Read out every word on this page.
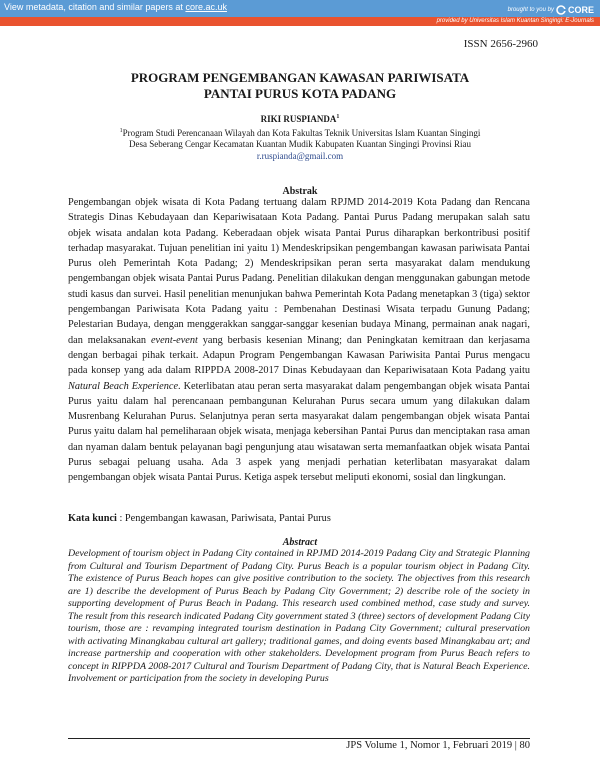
View metadata, citation and similar papers at core.ac.uk	brought to you by CORE
provided by Universitas Islam Kuantan Singingi: E-Journals
ISSN 2656-2960
PROGRAM PENGEMBANGAN KAWASAN PARIWISATA
PANTAI PURUS KOTA PADANG
RIKI RUSPIANDA$^1$
$^1$Program Studi Perencanaan Wilayah dan Kota Fakultas Teknik Universitas Islam Kuantan Singingi
Desa Seberang Cengar Kecamatan Kuantan Mudik Kabupaten Kuantan Singingi Provinsi Riau
r.ruspianda@gmail.com
Abstrak
Pengembangan objek wisata di Kota Padang tertuang dalam RPJMD 2014-2019 Kota Padang dan Rencana Strategis Dinas Kebudayaan dan Kepariwisataan Kota Padang. Pantai Purus Padang merupakan salah satu objek wisata andalan kota Padang. Keberadaan objek wisata Pantai Purus diharapkan berkontribusi positif terhadap masyarakat. Tujuan penelitian ini yaitu 1) Mendeskripsikan pengembangan kawasan pariwisata Pantai Purus oleh Pemerintah Kota Padang; 2) Mendeskripsikan peran serta masyarakat dalam mendukung pengembangan objek wisata Pantai Purus Padang. Penelitian dilakukan dengan menggunakan gabungan metode studi kasus dan survei. Hasil penelitian menunjukan bahwa Pemerintah Kota Padang menetapkan 3 (tiga) sektor pengembangan Pariwisata Kota Padang yaitu : Pembenahan Destinasi Wisata terpadu Gunung Padang; Pelestarian Budaya, dengan menggerakkan sanggar-sanggar kesenian budaya Minang, permainan anak nagari, dan melaksanakan event-event yang berbasis kesenian Minang; dan Peningkatan kemitraan dan kerjasama dengan berbagai pihak terkait. Adapun Program Pengembangan Kawasan Pariwisita Pantai Purus mengacu pada konsep yang ada dalam RIPPDA 2008-2017 Dinas Kebudayaan dan Kepariwisataan Kota Padang yaitu Natural Beach Experience. Keterlibatan atau peran serta masyarakat dalam pengembangan objek wisata Pantai Purus yaitu dalam hal perencanaan pembangunan Kelurahan Purus secara umum yang dilakukan dalam Musrenbang Kelurahan Purus. Selanjutnya peran serta masyarakat dalam pengembangan objek wisata Pantai Purus yaitu dalam hal pemeliharaan objek wisata, menjaga kebersihan Pantai Purus dan menciptakan rasa aman dan nyaman dalam bentuk pelayanan bagi pengunjung atau wisatawan serta memanfaatkan objek wisata Pantai Purus sebagai peluang usaha. Ada 3 aspek yang menjadi perhatian keterlibatan masyarakat dalam pengembangan objek wisata Pantai Purus. Ketiga aspek tersebut meliputi ekonomi, sosial dan lingkungan.
Kata kunci : Pengembangan kawasan, Pariwisata, Pantai Purus
Abstract
Development of tourism object in Padang City contained in RPJMD 2014-2019 Padang City and Strategic Planning from Cultural and Tourism Department of Padang City. Purus Beach is a popular tourism object in Padang City. The existence of Purus Beach hopes can give positive contribution to the society. The objectives from this research are 1) describe the development of Purus Beach by Padang City Government; 2) describe role of the society in supporting development of Purus Beach in Padang. This research used combined method, case study and survey. The result from this research indicated Padang City government stated 3 (three) sectors of development Padang City tourism, those are : revamping integrated tourism destination in Padang City Government; cultural preservation with activating Minangkabau cultural art gallery; traditional games, and doing events based Minangkabau art; and increase partnership and cooperation with other stakeholders. Development program from Purus Beach refers to concept in RIPPDA 2008-2017 Cultural and Tourism Department of Padang City, that is Natural Beach Experience. Involvement or participation from the society in developing Purus
JPS Volume 1, Nomor 1, Februari 2019 | 80
